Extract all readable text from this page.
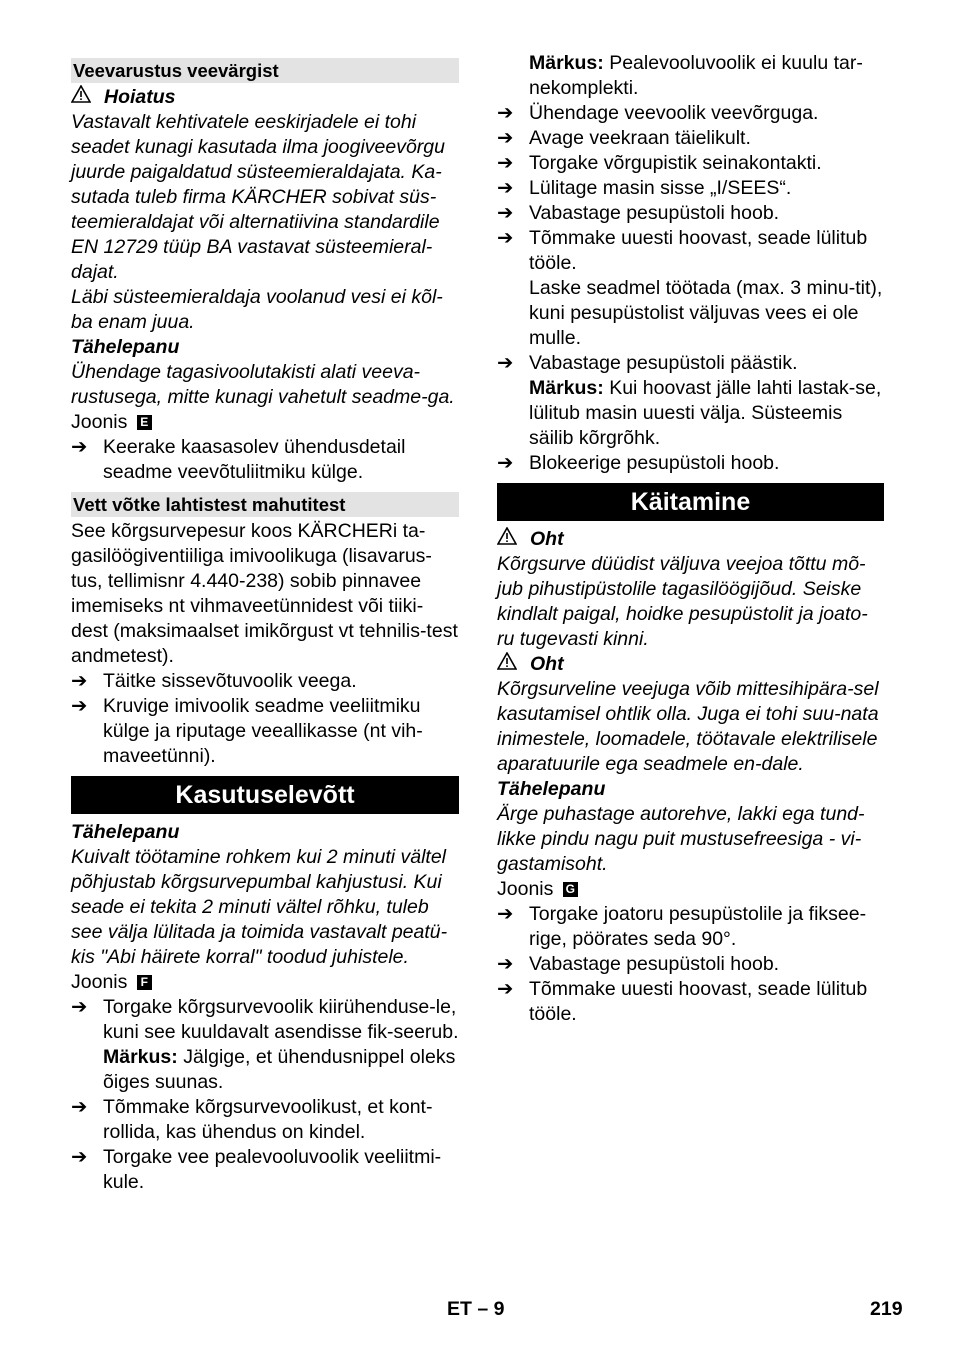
Veevarustus veevärgist
Hoiatus

Vastavalt kehtivatele eeskirjadele ei tohi seadet kunagi kasutada ilma joogiveevõrgu juurde paigaldatud süsteemieraldajata. Ka-sutada tuleb firma KÄRCHER sobivat süs-teemieraldajat või alternatiivina standardile EN 12729 tüüp BA vastavat süsteemieral-dajat.

Läbi süsteemieraldaja voolanud vesi ei kõl-ba enam juua.

Tähelepanu

Ühendage tagasivoolutakisti alati veeva-rustusega, mitte kunagi vahetult seadme-ga.

Joonis E

➔ Keerake kaasasolev ühendusdetail seadme veevõtuliitmiku külge.
Vett võtke lahtistest mahutitest

See kõrgsurvepesur koos KÄRCHERi ta-gasilöögiventiiliga imivoolikuga (lisavarus-tus, tellimisnr 4.440-238) sobib pinnavee imemiseks nt vihmaveetünnidest või tiiki-dest (maksimaalset imikõrgust vt tehnilis-test andmetest).

➔ Täitke sissevõtuvoolik veega.
➔ Kruvige imivoolik seadme veeliitmiku külge ja riputage veeallikasse (nt vih-maveetünni).
Kasutuselevõtt

Tähelepanu

Kuivalt töötamine rohkem kui 2 minuti vältel põhjustab kõrgsurvepumbal kahjustusi. Kui seade ei tekita 2 minuti vältel rõhku, tuleb see välja lülitada ja toimida vastavalt peatü-kis "Abi häirete korral" toodud juhistele.

Joonis F

➔ Torgake kõrgsurvevoolik kiirühenduse-le, kuni see kuuldavalt asendisse fik-seerub.

Märkus: Jälgige, et ühendusnippel oleks õiges suunas.

➔ Tõmmake kõrgsurvevoolikust, et kont-rollida, kas ühendus on kindel.
➔ Torgake vee pealevooluvoolik veeliitmi-kule.

Märkus: Pealevooluvoolik ei kuulu tar-nekomplekti.

➔ Ühendage veevoolik veevõrguga.
➔ Avage veekraan täielikult.
➔ Torgake võrgupistik seinakontakti.
➔ Lülitage masin sisse „I/SEES“.
➔ Vabastage pesupüstoli hoob.
➔ Tõmmake uuesti hoovast, seade lülitub tööle.

Laske seadmel töötada (max. 3 minu-tit), kuni pesupüstolist väljuvas vees ei ole mulle.

➔ Vabastage pesupüstoli päästik.

Märkus: Kui hoovast jälle lahti lastak-se, lülitub masin uuesti välja. Süsteemis säilib kõrgrõhk.

➔ Blokeerige pesupüstoli hoob.
Käitamine
Oht

Kõrgsurve düüdist väljuva veejoa tõttu mõ-jub pihustipüstolile tagasilöögijõud. Seiske kindlalt paigal, hoidke pesupüstolit ja joato-ru tugevasti kinni.

Oht

Kõrgsurveline veejuga võib mittesihipära-sel kasutamisel ohtlik olla. Juga ei tohi suu-nata inimestele, loomadele, töötavale elektrilisele aparatuurile ega seadmele en-dale.

Tähelepanu

Ärge puhastage autorehve, lakki ega tund-likke pindu nagu puit mustusefreesiga - vi-gastamisoht.

Joonis G

➔ Torgake joatoru pesupüstolile ja fiksee-rige, pöörates seda 90°.
➔ Vabastage pesupüstoli hoob.
➔ Tõmmake uuesti hoovast, seade lülitub tööle.
ET – 9	219
